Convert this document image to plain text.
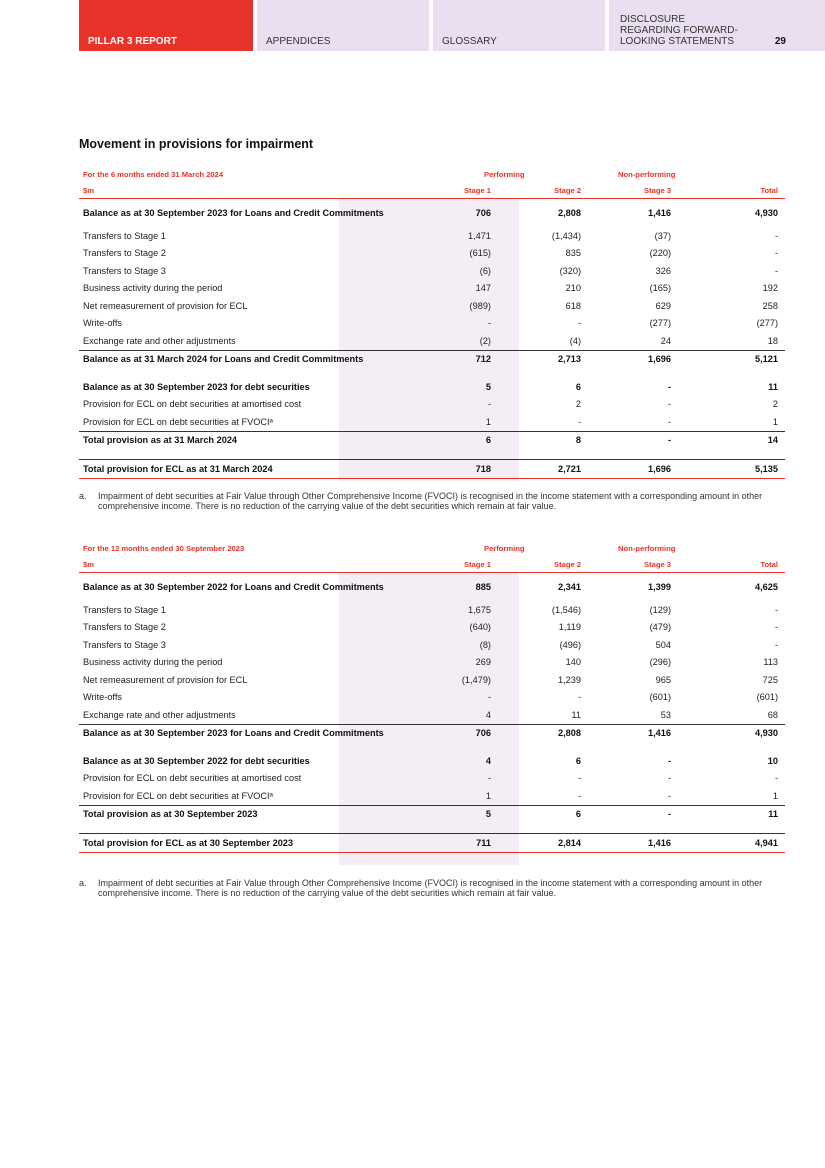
PILLAR 3 REPORT	APPENDICES	GLOSSARY
DISCLOSURE
REGARDING FORWARD-
LOOKING STATEMENTS	29
Movement in provisions for impairment
For the 6 months ended 31 March 2024	Performing		Non-performing	
$m	Stage 1	Stage 2	Stage 3	Total
Balance as at 30 September 2023 for Loans and Credit Commitments	706	2,808	1,416	4,930
Transfers to Stage 1	1,471	(1,434)	(37)	-
Transfers to Stage 2	(615)	835	(220)	-
Transfers to Stage 3	(6)	(320)	326	-
Business activity during the period	147	210	(165)	192
Net remeasurement of provision for ECL	(989)	618	629	258
Write-offs	-	-	(277)	(277)
Exchange rate and other adjustments	(2)	(4)	24	18
Balance as at 31 March 2024 for Loans and Credit Commitments	712	2,713	1,696	5,121

Balance as at 30 September 2023 for debt securities	5	6	-	11
Provision for ECL on debt securities at amortised cost	-	2	-	2
Provision for ECL on debt securities at FVOCIᵃ	1	-	-	1
Total provision as at 31 March 2024	6	8	-	14

Total provision for ECL as at 31 March 2024	718	2,721	1,696	5,135
a.	Impairment of debt securities at Fair Value through Other Comprehensive Income (FVOCI) is recognised in the income statement with a corresponding amount in other comprehensive income. There is no reduction of the carrying value of the debt securities which remain at fair value.
For the 12 months ended 30 September 2023	Performing		Non-performing	
$m	Stage 1	Stage 2	Stage 3	Total
Balance as at 30 September 2022 for Loans and Credit Commitments	885	2,341	1,399	4,625
Transfers to Stage 1	1,675	(1,546)	(129)	-
Transfers to Stage 2	(640)	1,119	(479)	-
Transfers to Stage 3	(8)	(496)	504	-
Business activity during the period	269	140	(296)	113
Net remeasurement of provision for ECL	(1,479)	1,239	965	725
Write-offs	-	-	(601)	(601)
Exchange rate and other adjustments	4	11	53	68
Balance as at 30 September 2023 for Loans and Credit Commitments	706	2,808	1,416	4,930

Balance as at 30 September 2022 for debt securities	4	6	-	10
Provision for ECL on debt securities at amortised cost	-	-	-	-
Provision for ECL on debt securities at FVOCIᵃ	1	-	-	1
Total provision as at 30 September 2023	5	6	-	11

Total provision for ECL as at 30 September 2023	711	2,814	1,416	4,941
a.	Impairment of debt securities at Fair Value through Other Comprehensive Income (FVOCI) is recognised in the income statement with a corresponding amount in other comprehensive income. There is no reduction of the carrying value of the debt securities which remain at fair value.
